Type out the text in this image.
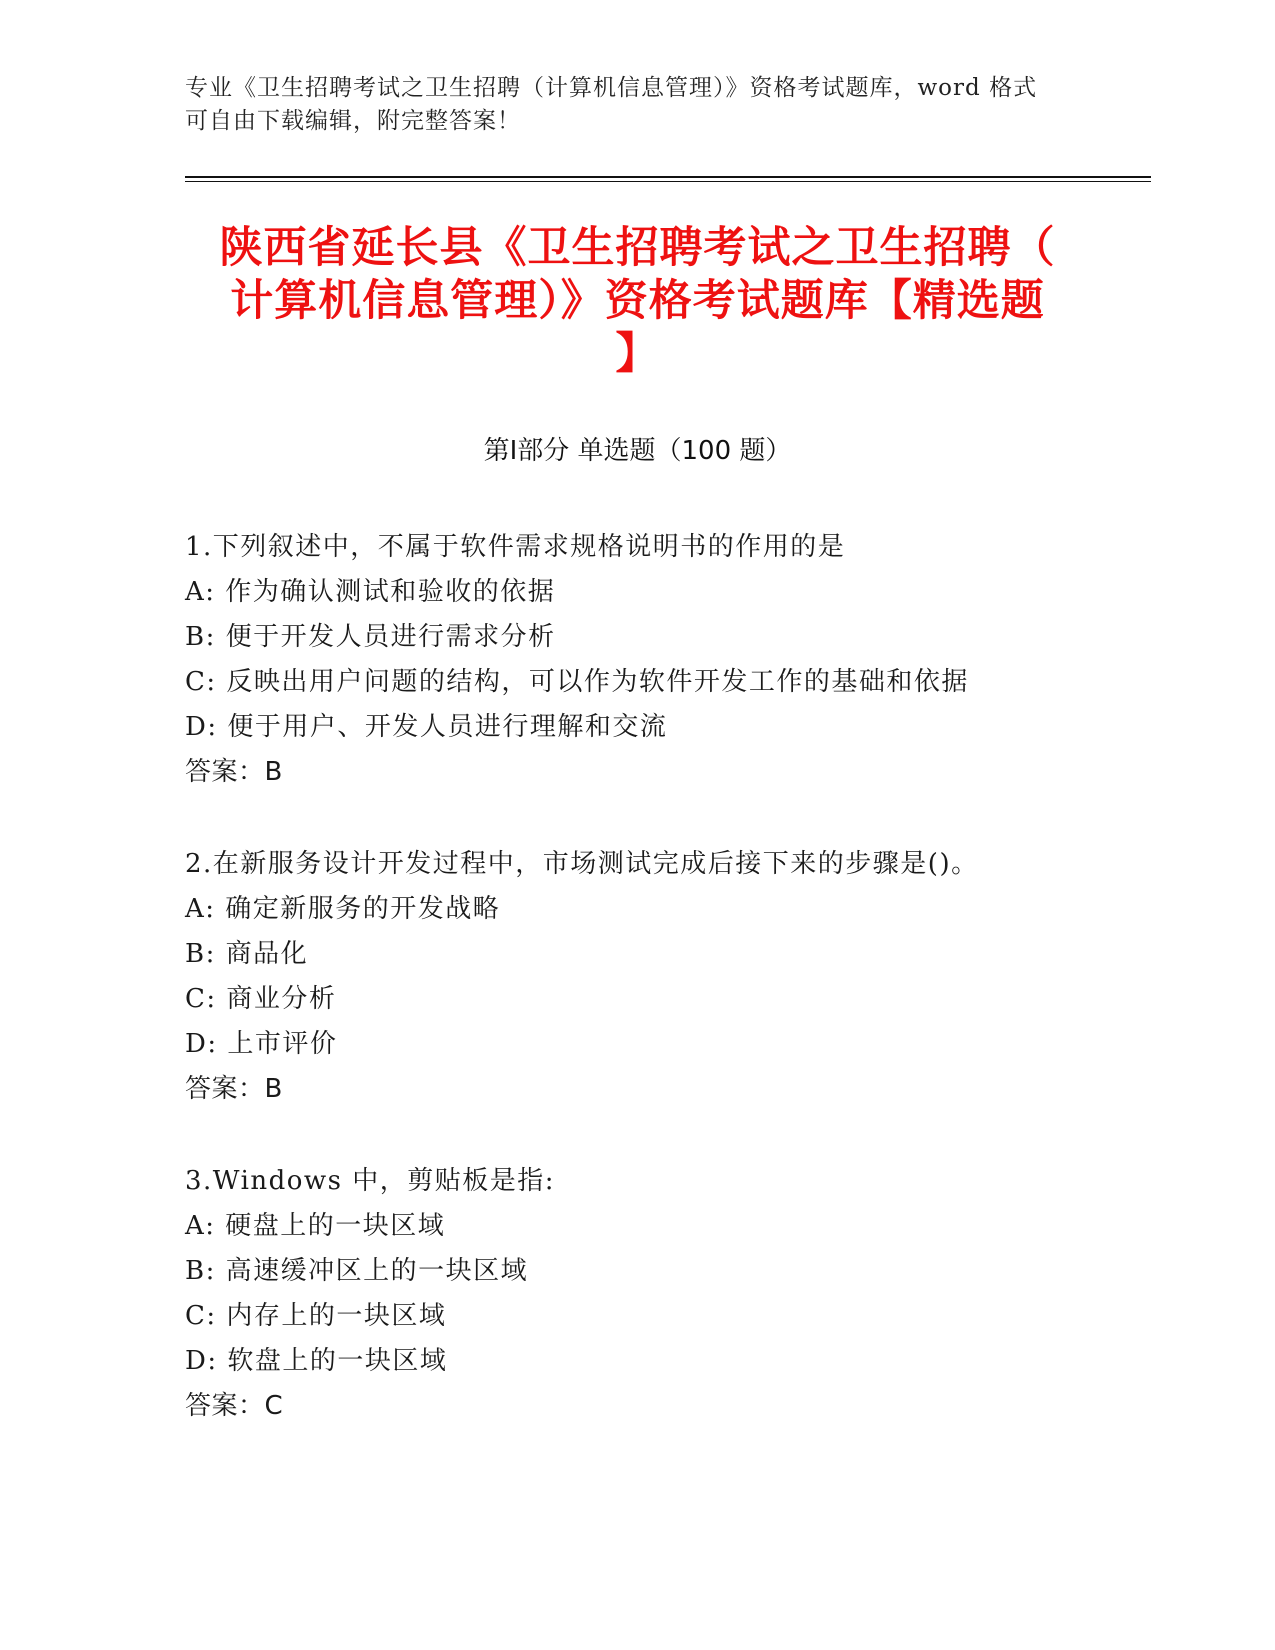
专业《卫生招聘考试之卫生招聘（计算机信息管理）》资格考试题库，word 格式
可自由下载编辑，附完整答案！
陕西省延长县《卫生招聘考试之卫生招聘（
计算机信息管理）》资格考试题库【精选题
】
第Ⅰ部分 单选题（100 题）
1.下列叙述中，不属于软件需求规格说明书的作用的是
A: 作为确认测试和验收的依据
B: 便于开发人员进行需求分析
C: 反映出用户问题的结构，可以作为软件开发工作的基础和依据
D: 便于用户、开发人员进行理解和交流
答案：B
2.在新服务设计开发过程中，市场测试完成后接下来的步骤是()。
A: 确定新服务的开发战略
B: 商品化
C: 商业分析
D: 上市评价
答案：B
3.Windows 中，剪贴板是指:
A: 硬盘上的一块区域
B: 高速缓冲区上的一块区域
C: 内存上的一块区域
D: 软盘上的一块区域
答案：C
